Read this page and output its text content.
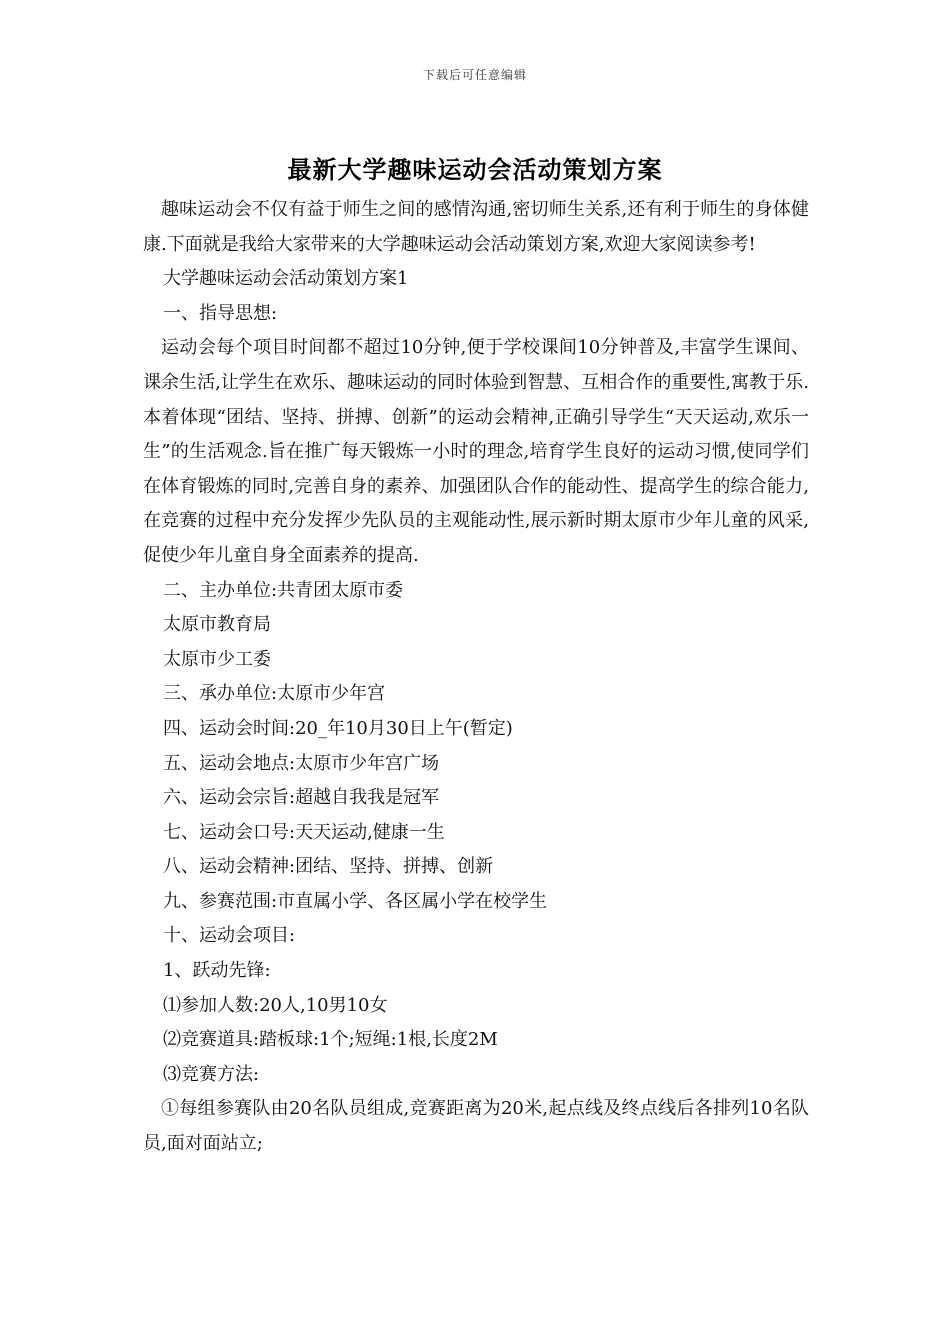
下载后可任意编辑
最新大学趣味运动会活动策划方案

趣味运动会不仅有益于师生之间的感情沟通,密切师生关系,还有利于师生的身体健康.下面就是我给大家带来的大学趣味运动会活动策划方案,欢迎大家阅读参考!

大学趣味运动会活动策划方案1

一、指导思想:

运动会每个项目时间都不超过10分钟,便于学校课间10分钟普及,丰富学生课间、课余生活,让学生在欢乐、趣味运动的同时体验到智慧、互相合作的重要性,寓教于乐.本着体现“团结、坚持、拼搏、创新”的运动会精神,正确引导学生“天天运动,欢乐一生”的生活观念.旨在推广每天锻炼一小时的理念,培育学生良好的运动习惯,使同学们在体育锻炼的同时,完善自身的素养、加强团队合作的能动性、提高学生的综合能力,在竞赛的过程中充分发挥少先队员的主观能动性,展示新时期太原市少年儿童的风采,促使少年儿童自身全面素养的提高.

二、主办单位:共青团太原市委

太原市教育局

太原市少工委

三、承办单位:太原市少年宫

四、运动会时间:20_年10月30日上午(暂定)

五、运动会地点:太原市少年宫广场

六、运动会宗旨:超越自我我是冠军

七、运动会口号:天天运动,健康一生

八、运动会精神:团结、坚持、拼搏、创新

九、参赛范围:市直属小学、各区属小学在校学生

十、运动会项目:

1、跃动先锋:

⑴参加人数:20人,10男10女

⑵竞赛道具:踏板球:1个;短绳:1根,长度2M

⑶竞赛方法:

①每组参赛队由20名队员组成,竞赛距离为20米,起点线及终点线后各排列10名队员,面对面站立;
